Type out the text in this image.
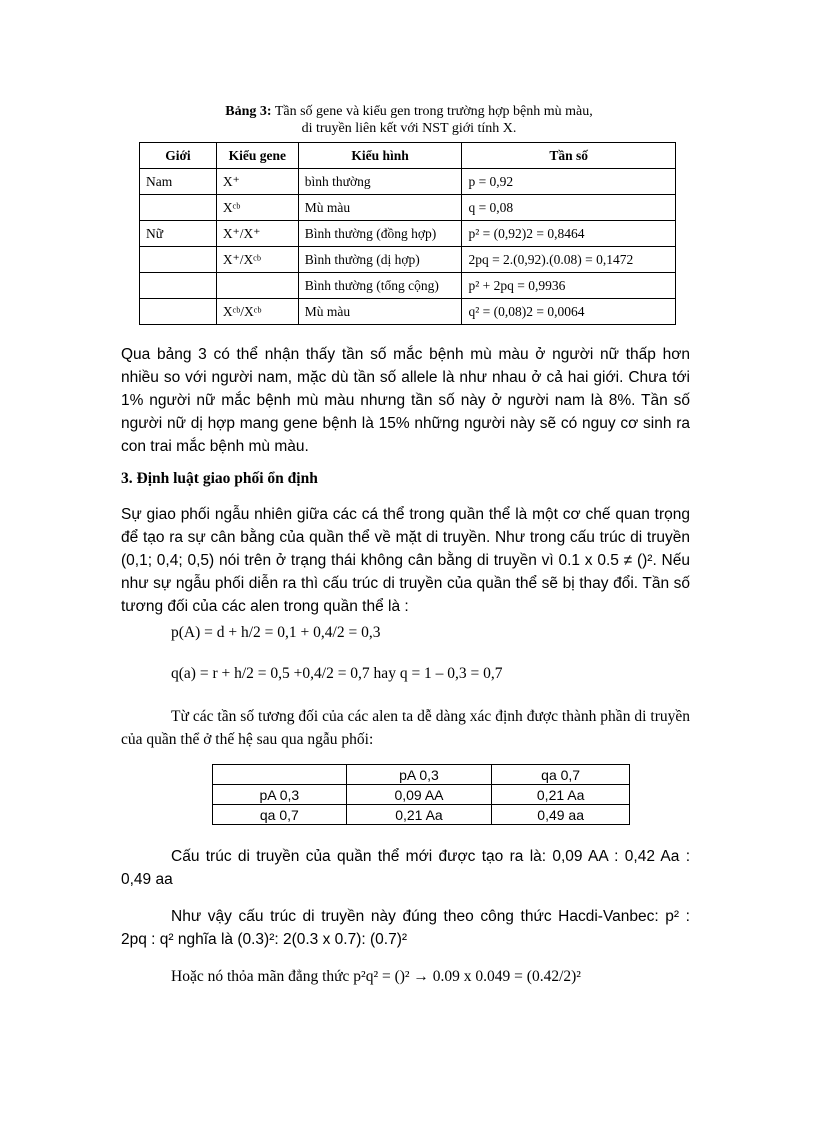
Bảng 3: Tần số gene và kiểu gen trong trường hợp bệnh mù màu,
di truyền liên kết với NST giới tính X.
Giới	Kiểu gene	Kiểu hình	Tần số
Nam	X⁺	bình thường	p = 0,92
	Xᶜᵇ	Mù màu	q = 0,08
Nữ	X⁺/X⁺	Bình thường (đồng hợp)	p² = (0,92)2 = 0,8464
	X⁺/Xᶜᵇ	Bình thường (dị hợp)	2pq = 2.(0,92).(0.08) = 0,1472
		Bình thường (tổng cộng)	p² + 2pq = 0,9936
	Xᶜᵇ/Xᶜᵇ	Mù màu	q² = (0,08)2 = 0,0064
Qua bảng 3 có thể nhận thấy tần số mắc bệnh mù màu ở người nữ thấp hơn nhiều so với người nam, mặc dù tần số allele là như nhau ở cả hai giới. Chưa tới 1% người nữ mắc bệnh mù màu nhưng tần số này ở người nam là 8%. Tần số người nữ dị hợp mang gene bệnh là 15% những người này sẽ có nguy cơ sinh ra con trai mắc bệnh mù màu.
3. Định luật giao phối ổn định
Sự giao phối ngẫu nhiên giữa các cá thể trong quần thể là một cơ chế quan trọng để tạo ra sự cân bằng của quần thể về mặt di truyền. Như trong cấu trúc di truyền (0,1; 0,4; 0,5) nói trên ở trạng thái không cân bằng di truyền vì 0.1 x 0.5 ≠ ()². Nếu như sự ngẫu phối diễn ra thì cấu trúc di truyền của quần thể sẽ bị thay đổi. Tần số tương đối của các alen trong quần thể là :
p(A) = d + h/2 = 0,1 + 0,4/2 = 0,3
q(a) = r + h/2 = 0,5 +0,4/2 = 0,7 hay q = 1 – 0,3 = 0,7
Từ các tần số tương đối của các alen ta dễ dàng xác định được thành phần di truyền của quần thể ở thế hệ sau qua ngẫu phối:
	pA 0,3	qa 0,7
pA 0,3	0,09 AA	0,21 Aa
qa 0,7	0,21 Aa	0,49 aa
Cấu trúc di truyền của quần thể mới được tạo ra là: 0,09 AA : 0,42 Aa : 0,49 aa
Như vậy cấu trúc di truyền này đúng theo công thức Hacdi-Vanbec: p² : 2pq : q² nghĩa là (0.3)²: 2(0.3 x 0.7): (0.7)²
Hoặc nó thỏa mãn đẳng thức p²q² = ()² → 0.09 x 0.049 = (0.42/2)²
